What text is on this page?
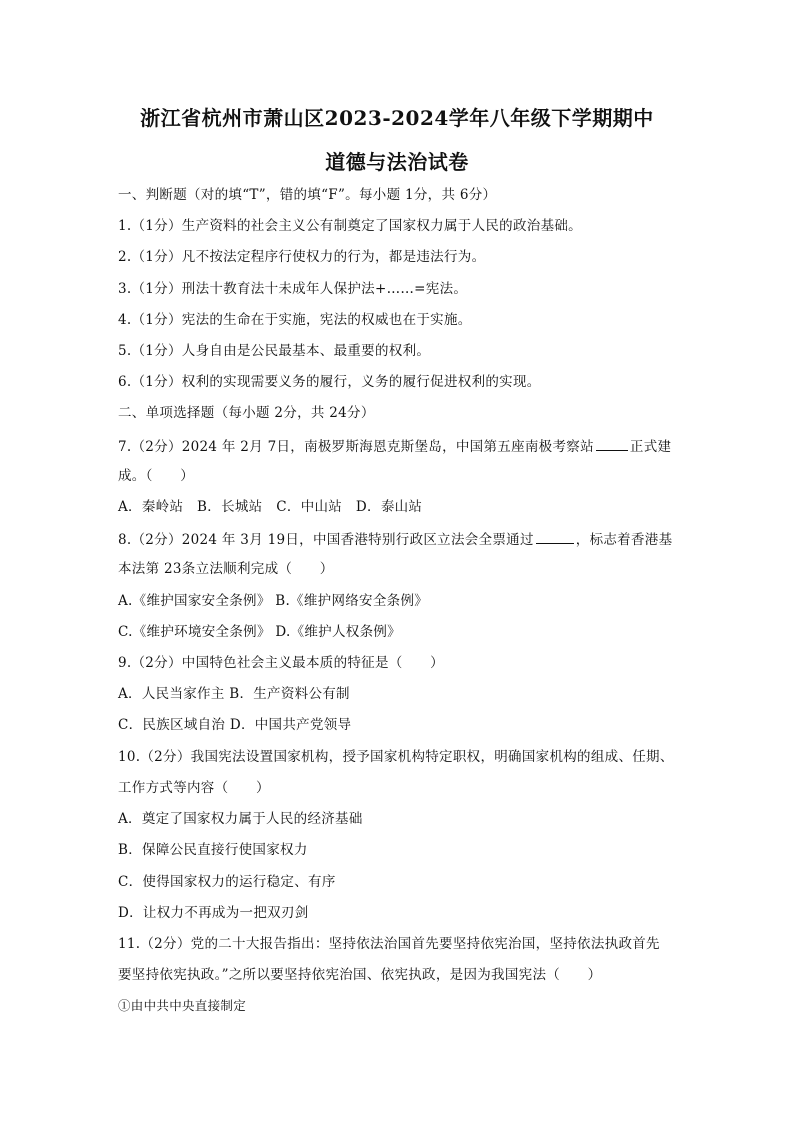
浙江省杭州市萧山区2023-2024学年八年级下学期期中
道德与法治试卷
一、判断题（对的填“T”，错的填“F”。每小题 1分，共 6分）
1.（1分）生产资料的社会主义公有制奠定了国家权力属于人民的政治基础。
2.（1分）凡不按法定程序行使权力的行为，都是违法行为。
3.（1分）刑法十教育法十未成年人保护法+……=宪法。
4.（1分）宪法的生命在于实施，宪法的权威也在于实施。
5.（1分）人身自由是公民最基本、最重要的权利。
6.（1分）权利的实现需要义务的履行，义务的履行促进权利的实现。
二、单项选择题（每小题 2分，共 24分）
7.（2分）2024 年 2月 7日，南极罗斯海恩克斯堡岛，中国第五座南极考察站	正式建
成。（　　）
A．秦岭站　B．长城站　C．中山站　D．泰山站
8.（2分）2024 年 3月 19日，中国香港特别行政区立法会全票通过	，标志着香港基
本法第 23条立法顺利完成（　　）
A.《维护国家安全条例》 B.《维护网络安全条例》
C.《维护环境安全条例》 D.《维护人权条例》
9.（2分）中国特色社会主义最本质的特征是（　　）
A．人民当家作主 B．生产资料公有制
C．民族区域自治 D．中国共产党领导
10.（2分）我国宪法设置国家机构，授予国家机构特定职权，明确国家机构的组成、任期、
工作方式等内容（　　）
A．奠定了国家权力属于人民的经济基础
B．保障公民直接行使国家权力
C．使得国家权力的运行稳定、有序
D．让权力不再成为一把双刃剑
11.（2分）党的二十大报告指出：坚持依法治国首先要坚持依宪治国，坚持依法执政首先
要坚持依宪执政。”之所以要坚持依宪治国、依宪执政，是因为我国宪法（　　）
①由中共中央直接制定
